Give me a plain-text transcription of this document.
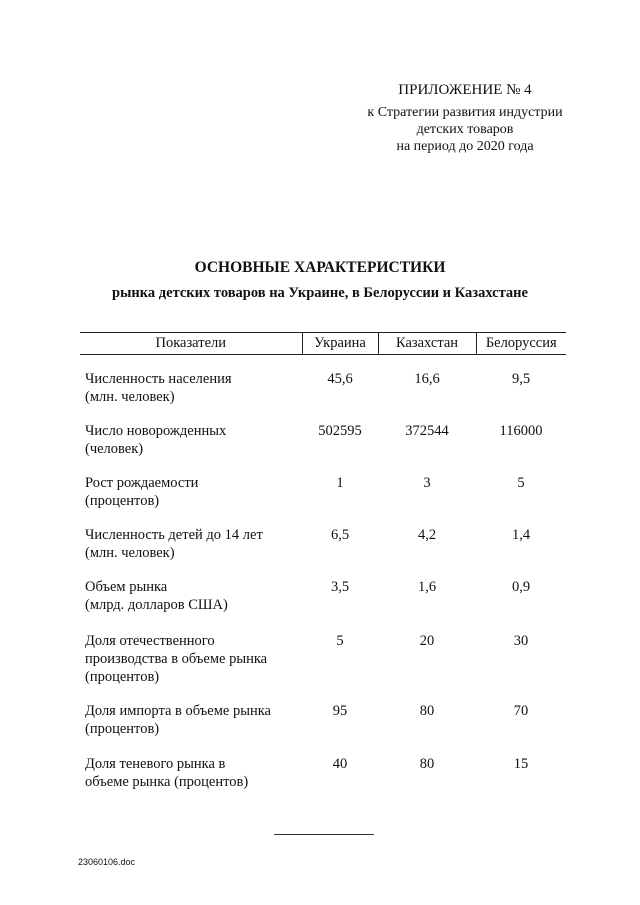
ПРИЛОЖЕНИЕ № 4
к Стратегии развития индустрии
детских товаров
на период до 2020 года
ОСНОВНЫЕ ХАРАКТЕРИСТИКИ
рынка детских товаров на Украине, в Белоруссии и Казахстане
Показатели	Украина	Казахстан	Белоруссия

Численность населения
(млн. человек)	45,6	16,6	9,5

Число новорожденных
(человек)	502595	372544	116000

Рост рождаемости
(процентов)	1	3	5

Численность детей до 14 лет
(млн. человек)	6,5	4,2	1,4

Объем рынка
(млрд. долларов США)	3,5	1,6	0,9

Доля отечественного
производства в объеме рынка
(процентов)	5	20	30

Доля импорта в объеме рынка
(процентов)	95	80	70

Доля теневого рынка в
объеме рынка (процентов)	40	80	15
23060106.doc
